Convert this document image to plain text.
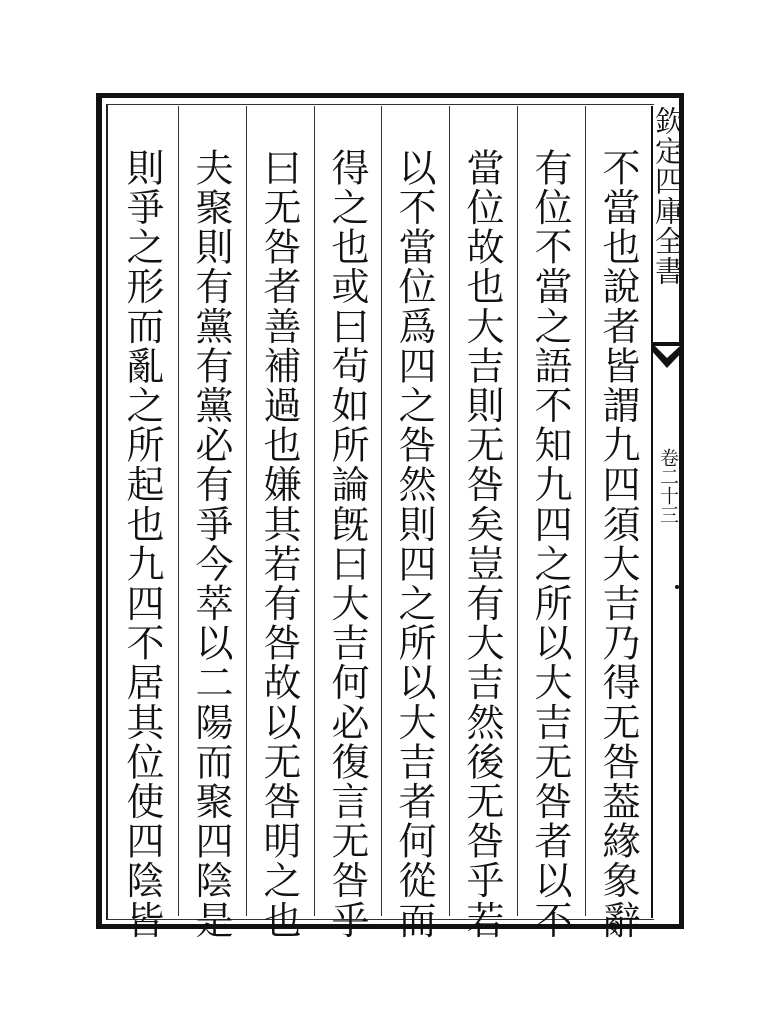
欽定四庫全書
卷二十三
不當也說者皆謂九四須大吉乃得无咎葢緣象辭
有位不當之語不知九四之所以大吉无咎者以不
當位故也大吉則无咎矣豈有大吉然後无咎乎若
以不當位爲四之咎然則四之所以大吉者何從而
得之也或曰茍如所論旣曰大吉何必復言无咎乎
曰无咎者善補過也嫌其若有咎故以无咎明之也
夫聚則有黨有黨必有爭今萃以二陽而聚四陰是
則爭之形而亂之所起也九四不居其位使四陰皆
